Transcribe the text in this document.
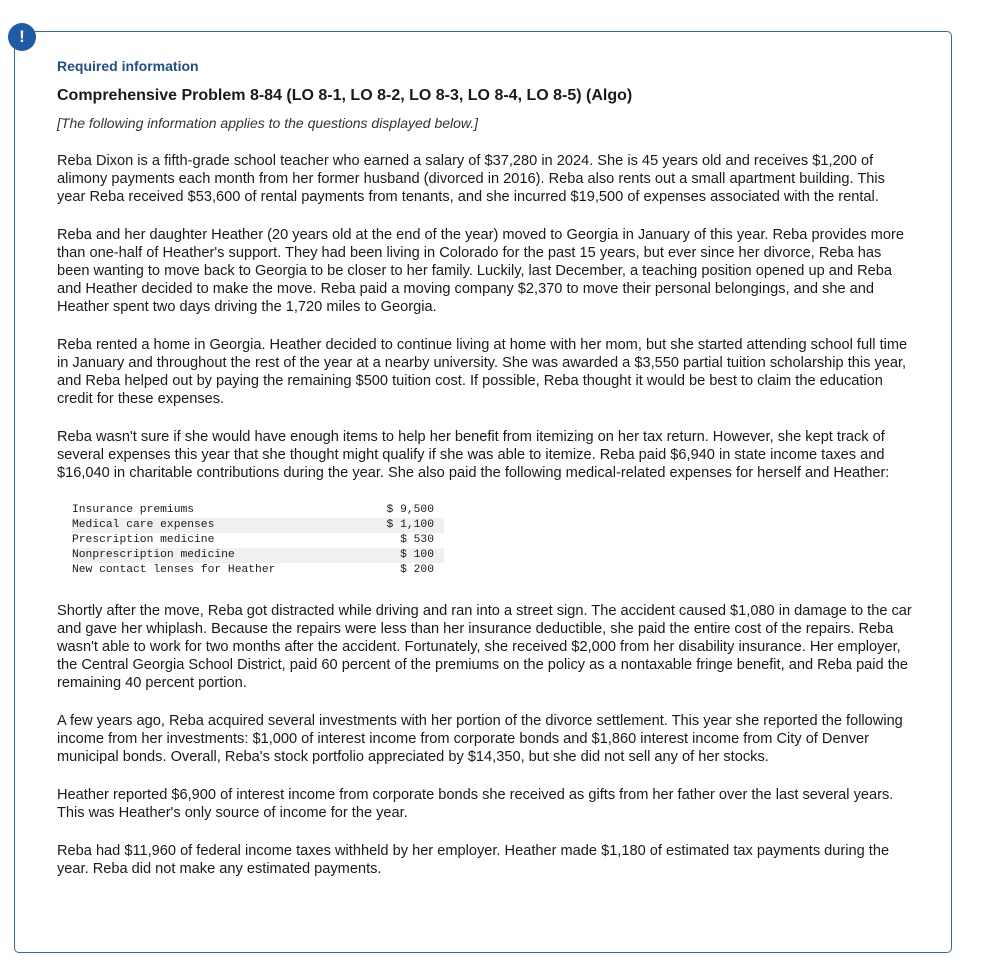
!

Required information

Comprehensive Problem 8-84 (LO 8-1, LO 8-2, LO 8-3, LO 8-4, LO 8-5) (Algo)

[The following information applies to the questions displayed below.]

Reba Dixon is a fifth-grade school teacher who earned a salary of $37,280 in 2024. She is 45 years old and receives $1,200 of alimony payments each month from her former husband (divorced in 2016). Reba also rents out a small apartment building. This year Reba received $53,600 of rental payments from tenants, and she incurred $19,500 of expenses associated with the rental.

Reba and her daughter Heather (20 years old at the end of the year) moved to Georgia in January of this year. Reba provides more than one-half of Heather's support. They had been living in Colorado for the past 15 years, but ever since her divorce, Reba has been wanting to move back to Georgia to be closer to her family. Luckily, last December, a teaching position opened up and Reba and Heather decided to make the move. Reba paid a moving company $2,370 to move their personal belongings, and she and Heather spent two days driving the 1,720 miles to Georgia.

Reba rented a home in Georgia. Heather decided to continue living at home with her mom, but she started attending school full time in January and throughout the rest of the year at a nearby university. She was awarded a $3,550 partial tuition scholarship this year, and Reba helped out by paying the remaining $500 tuition cost. If possible, Reba thought it would be best to claim the education credit for these expenses.

Reba wasn't sure if she would have enough items to help her benefit from itemizing on her tax return. However, she kept track of several expenses this year that she thought might qualify if she was able to itemize. Reba paid $6,940 in state income taxes and $16,040 in charitable contributions during the year. She also paid the following medical-related expenses for herself and Heather:

Insurance premiums	$ 9,500
Medical care expenses	$ 1,100
Prescription medicine	$ 530
Nonprescription medicine	$ 100
New contact lenses for Heather	$ 200

Shortly after the move, Reba got distracted while driving and ran into a street sign. The accident caused $1,080 in damage to the car and gave her whiplash. Because the repairs were less than her insurance deductible, she paid the entire cost of the repairs. Reba wasn't able to work for two months after the accident. Fortunately, she received $2,000 from her disability insurance. Her employer, the Central Georgia School District, paid 60 percent of the premiums on the policy as a nontaxable fringe benefit, and Reba paid the remaining 40 percent portion.

A few years ago, Reba acquired several investments with her portion of the divorce settlement. This year she reported the following income from her investments: $1,000 of interest income from corporate bonds and $1,860 interest income from City of Denver municipal bonds. Overall, Reba's stock portfolio appreciated by $14,350, but she did not sell any of her stocks.

Heather reported $6,900 of interest income from corporate bonds she received as gifts from her father over the last several years. This was Heather's only source of income for the year.

Reba had $11,960 of federal income taxes withheld by her employer. Heather made $1,180 of estimated tax payments during the year. Reba did not make any estimated payments.
